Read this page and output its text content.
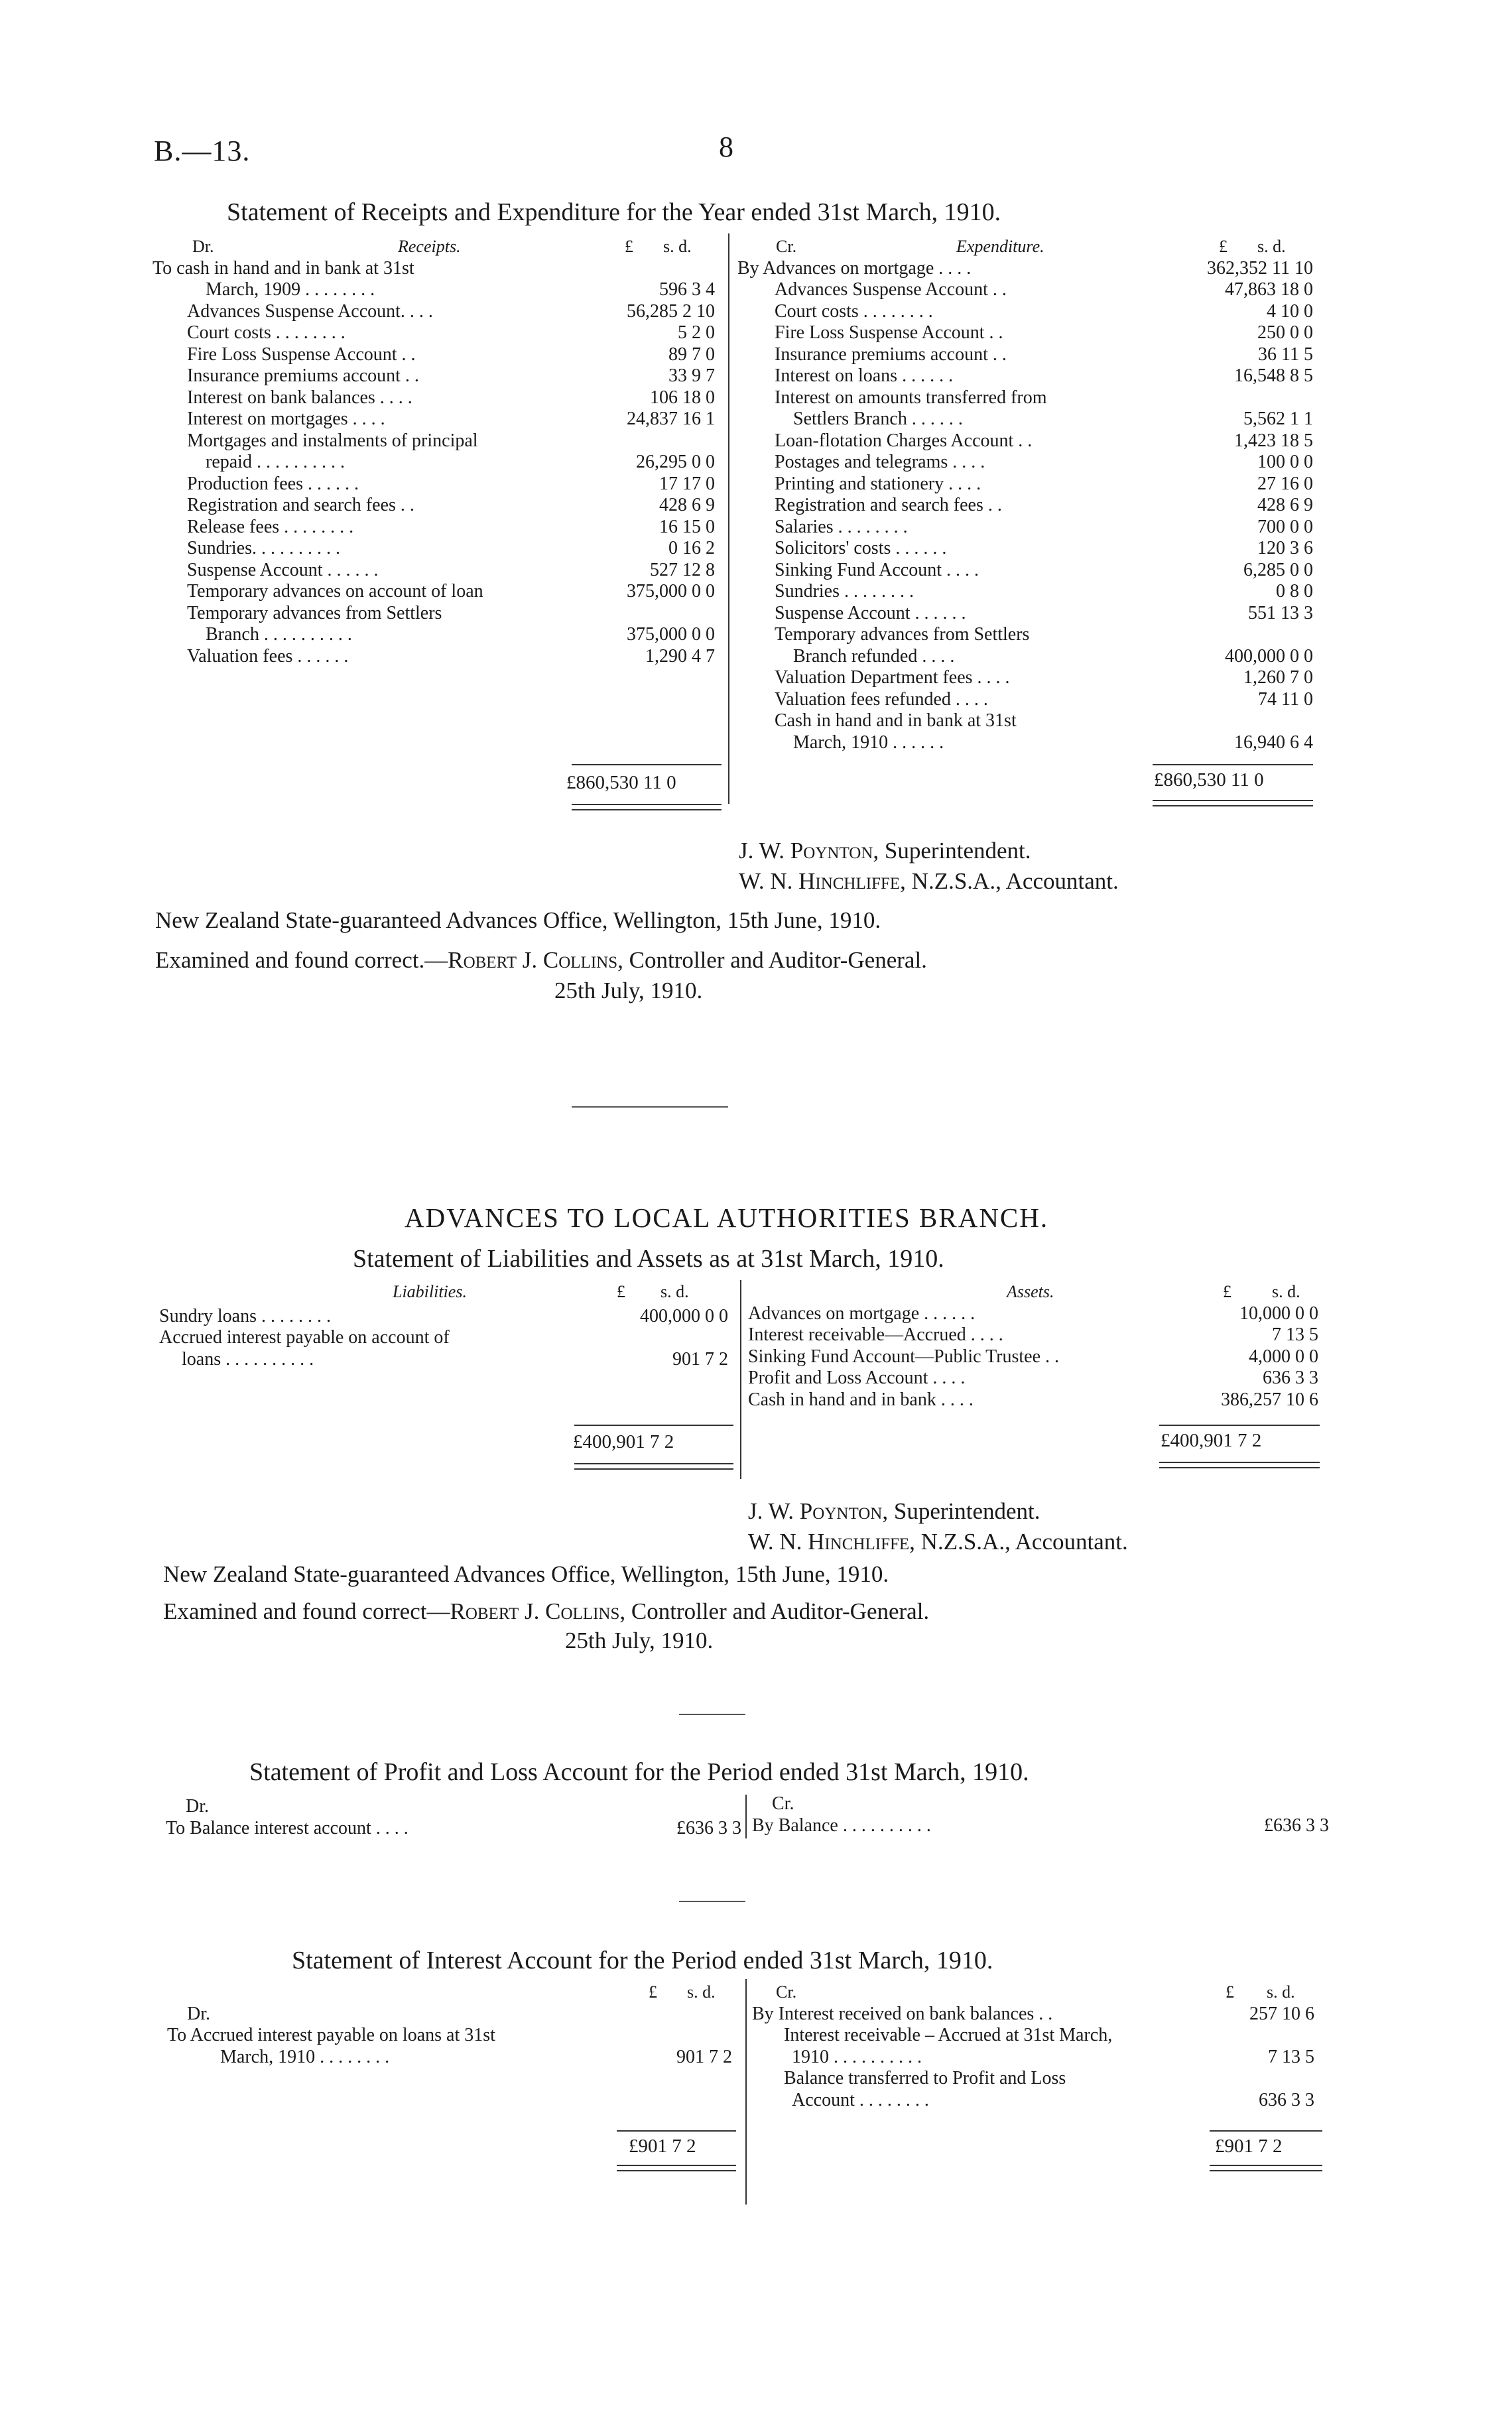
B.—13.	8
Statement of Receipts and Expenditure for the Year ended 31st March, 1910.
Dr.	Receipts.	£ s. d.
To cash in hand and in bank at 31st
March, 1909 . . . . . . . .	596 3 4
Advances Suspense Account. . . .	56,285 2 10
Court costs . . . . . . . .	5 2 0
Fire Loss Suspense Account . .	89 7 0
Insurance premiums account . .	33 9 7
Interest on bank balances . . . .	106 18 0
Interest on mortgages . . . .	24,837 16 1
Mortgages and instalments of principal
repaid . . . . . . . . . .	26,295 0 0
Production fees . . . . . .	17 17 0
Registration and search fees . .	428 6 9
Release fees . . . . . . . .	16 15 0
Sundries. . . . . . . . . .	0 16 2
Suspense Account . . . . . .	527 12 8
Temporary advances on account of loan	375,000 0 0
Temporary advances from Settlers
Branch . . . . . . . . . .	375,000 0 0
Valuation fees . . . . . .	1,290 4 7
Cr.	Expenditure.	£ s. d.
By Advances on mortgage . . . .	362,352 11 10
Advances Suspense Account . .	47,863 18 0
Court costs . . . . . . . .	4 10 0
Fire Loss Suspense Account . .	250 0 0
Insurance premiums account . .	36 11 5
Interest on loans . . . . . .	16,548 8 5
Interest on amounts transferred from
Settlers Branch . . . . . .	5,562 1 1
Loan-flotation Charges Account . .	1,423 18 5
Postages and telegrams . . . .	100 0 0
Printing and stationery . . . .	27 16 0
Registration and search fees . .	428 6 9
Salaries . . . . . . . .	700 0 0
Solicitors' costs . . . . . .	120 3 6
Sinking Fund Account . . . .	6,285 0 0
Sundries . . . . . . . .	0 8 0
Suspense Account . . . . . .	551 13 3
Temporary advances from Settlers
Branch refunded . . . .	400,000 0 0
Valuation Department fees . . . .	1,260 7 0
Valuation fees refunded . . . .	74 11 0
Cash in hand and in bank at 31st
March, 1910 . . . . . .	16,940 6 4
£860,530 11 0	£860,530 11 0
J. W. Poynton, Superintendent.
W. N. Hinchliffe, N.Z.S.A., Accountant.
New Zealand State-guaranteed Advances Office, Wellington, 15th June, 1910.
Examined and found correct.—Robert J. Collins, Controller and Auditor-General.
25th July, 1910.
ADVANCES TO LOCAL AUTHORITIES BRANCH.
Statement of Liabilities and Assets as at 31st March, 1910.
Liabilities.	£ s. d.
Sundry loans . . . . . . . .	400,000 0 0
Accrued interest payable on account of
loans . . . . . . . . . .	901 7 2
Assets.	£ s. d.
Advances on mortgage . . . . . .	10,000 0 0
Interest receivable—Accrued . . . .	7 13 5
Sinking Fund Account—Public Trustee . .	4,000 0 0
Profit and Loss Account . . . .	636 3 3
Cash in hand and in bank . . . .	386,257 10 6
£400,901 7 2	£400,901 7 2
J. W. Poynton, Superintendent.
W. N. Hinchliffe, N.Z.S.A., Accountant.
New Zealand State-guaranteed Advances Office, Wellington, 15th June, 1910.
Examined and found correct—Robert J. Collins, Controller and Auditor-General.
25th July, 1910.
Statement of Profit and Loss Account for the Period ended 31st March, 1910.
Dr.
To Balance interest account . . . .	£636 3 3
Cr.
By Balance . . . . . . . . . .	£636 3 3
Statement of Interest Account for the Period ended 31st March, 1910.
£ s. d.
Dr.
To Accrued interest payable on loans at 31st
March, 1910 . . . . . . . .	901 7 2
Cr.	£ s. d.
By Interest received on bank balances . .	257 10 6
Interest receivable – Accrued at 31st March,
1910 . . . . . . . . . .	7 13 5
Balance transferred to Profit and Loss
Account . . . . . . . .	636 3 3
£901 7 2	£901 7 2
